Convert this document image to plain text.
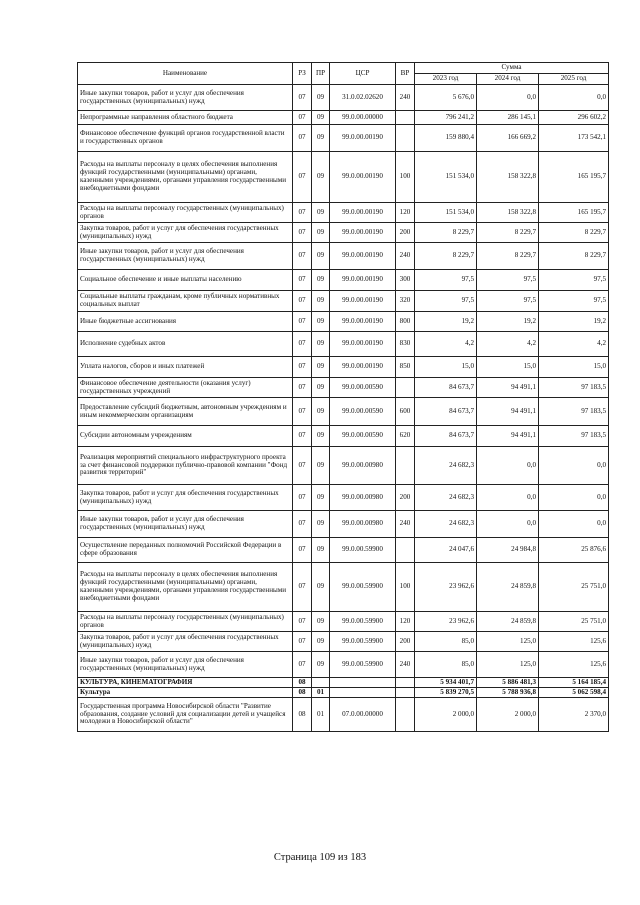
Наименование	РЗ	ПР	ЦСР	ВР	Сумма		
					2023 год	2024 год	2025 год
Иные закупки товаров, работ и услуг для обеспечения государственных (муниципальных) нужд	07	09	31.0.02.02620	240	5 676,0	0,0	0,0
Непрограммные направления областного бюджета	07	09	99.0.00.00000		796 241,2	286 145,1	296 602,2
Финансовое обеспечение функций органов государственной власти и государственных органов	07	09	99.0.00.00190		159 880,4	166 669,2	173 542,1
Расходы на выплаты персоналу в целях обеспечения выполнения функций государственными (муниципальными) органами, казенными учреждениями, органами управления государственными внебюджетными фондами	07	09	99.0.00.00190	100	151 534,0	158 322,8	165 195,7
Расходы на выплаты персоналу государственных (муниципальных) органов	07	09	99.0.00.00190	120	151 534,0	158 322,8	165 195,7
Закупка товаров, работ и услуг для обеспечения государственных (муниципальных) нужд	07	09	99.0.00.00190	200	8 229,7	8 229,7	8 229,7
Иные закупки товаров, работ и услуг для обеспечения государственных (муниципальных) нужд	07	09	99.0.00.00190	240	8 229,7	8 229,7	8 229,7
Социальное обеспечение и иные выплаты населению	07	09	99.0.00.00190	300	97,5	97,5	97,5
Социальные выплаты гражданам, кроме публичных нормативных социальных выплат	07	09	99.0.00.00190	320	97,5	97,5	97,5
Иные бюджетные ассигнования	07	09	99.0.00.00190	800	19,2	19,2	19,2
Исполнение судебных актов	07	09	99.0.00.00190	830	4,2	4,2	4,2
Уплата налогов, сборов и иных платежей	07	09	99.0.00.00190	850	15,0	15,0	15,0
Финансовое обеспечение деятельности (оказания услуг) государственных учреждений	07	09	99.0.00.00590		84 673,7	94 491,1	97 183,5
Предоставление субсидий бюджетным, автономным учреждениям и иным некоммерческим организациям	07	09	99.0.00.00590	600	84 673,7	94 491,1	97 183,5
Субсидии автономным учреждениям	07	09	99.0.00.00590	620	84 673,7	94 491,1	97 183,5
Реализация мероприятий специального инфраструктурного проекта за счет финансовой поддержки публично-правовой компании "Фонд развития территорий"	07	09	99.0.00.00980		24 682,3	0,0	0,0
Закупка товаров, работ и услуг для обеспечения государственных (муниципальных) нужд	07	09	99.0.00.00980	200	24 682,3	0,0	0,0
Иные закупки товаров, работ и услуг для обеспечения государственных (муниципальных) нужд	07	09	99.0.00.00980	240	24 682,3	0,0	0,0
Осуществление переданных полномочий Российской Федерации в сфере образования	07	09	99.0.00.59900		24 047,6	24 984,8	25 876,6
Расходы на выплаты персоналу в целях обеспечения выполнения функций государственными (муниципальными) органами, казенными учреждениями, органами управления государственными внебюджетными фондами	07	09	99.0.00.59900	100	23 962,6	24 859,8	25 751,0
Расходы на выплаты персоналу государственных (муниципальных) органов	07	09	99.0.00.59900	120	23 962,6	24 859,8	25 751,0
Закупка товаров, работ и услуг для обеспечения государственных (муниципальных) нужд	07	09	99.0.00.59900	200	85,0	125,0	125,6
Иные закупки товаров, работ и услуг для обеспечения государственных (муниципальных) нужд	07	09	99.0.00.59900	240	85,0	125,0	125,6
КУЛЬТУРА, КИНЕМАТОГРАФИЯ	08				5 934 401,7	5 886 481,3	5 164 185,4
Культура	08	01			5 839 270,5	5 788 936,8	5 062 598,4
Государственная программа Новосибирской области "Развитие образования, создание условий для социализации детей и учащейся молодежи в Новосибирской области"	08	01	07.0.00.00000		2 000,0	2 000,0	2 370,0
Страница 109 из 183
